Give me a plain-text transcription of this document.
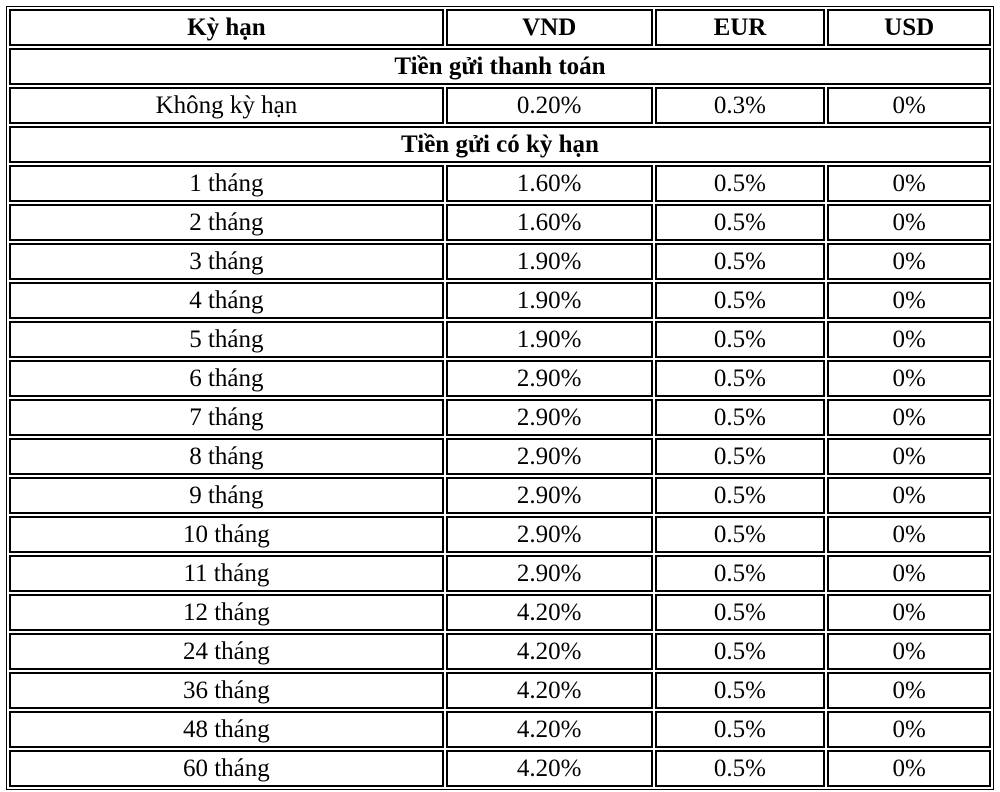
Kỳ hạn	VND	EUR	USD
Tiền gửi thanh toán			
Không kỳ hạn	0.20%	0.3%	0%
Tiền gửi có kỳ hạn			
1 tháng	1.60%	0.5%	0%
2 tháng	1.60%	0.5%	0%
3 tháng	1.90%	0.5%	0%
4 tháng	1.90%	0.5%	0%
5 tháng	1.90%	0.5%	0%
6 tháng	2.90%	0.5%	0%
7 tháng	2.90%	0.5%	0%
8 tháng	2.90%	0.5%	0%
9 tháng	2.90%	0.5%	0%
10 tháng	2.90%	0.5%	0%
11 tháng	2.90%	0.5%	0%
12 tháng	4.20%	0.5%	0%
24 tháng	4.20%	0.5%	0%
36 tháng	4.20%	0.5%	0%
48 tháng	4.20%	0.5%	0%
60 tháng	4.20%	0.5%	0%
